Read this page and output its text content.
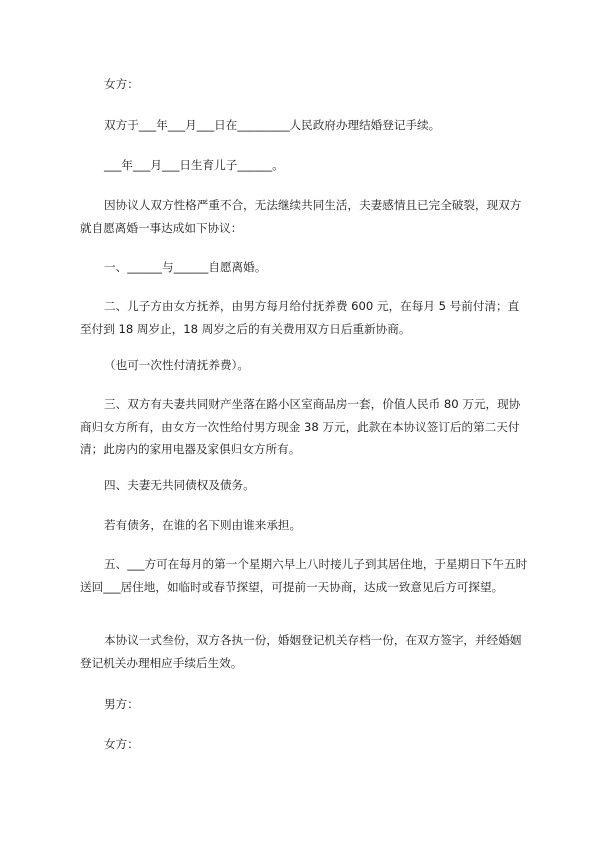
女方：

双方于___年___月___日在_________人民政府办理结婚登记手续。

___年___月___日生育儿子______。

因协议人双方性格严重不合，无法继续共同生活，夫妻感情且已完全破裂，现双方就自愿离婚一事达成如下协议：

一、______与______自愿离婚。

二、儿子方由女方抚养，由男方每月给付抚养费 600 元，在每月 5 号前付清；直至付到 18 周岁止，18 周岁之后的有关费用双方日后重新协商。

（也可一次性付清抚养费）。

三、双方有夫妻共同财产坐落在路小区室商品房一套，价值人民币 80 万元，现协商归女方所有，由女方一次性给付男方现金 38 万元，此款在本协议签订后的第二天付清；此房内的家用电器及家俱归女方所有。

四、夫妻无共同债权及债务。

若有债务，在谁的名下则由谁来承担。

五、___方可在每月的第一个星期六早上八时接儿子到其居住地，于星期日下午五时送回___居住地，如临时或春节探望，可提前一天协商，达成一致意见后方可探望。

本协议一式叁份，双方各执一份，婚姻登记机关存档一份，在双方签字，并经婚姻登记机关办理相应手续后生效。

男方：

女方：
